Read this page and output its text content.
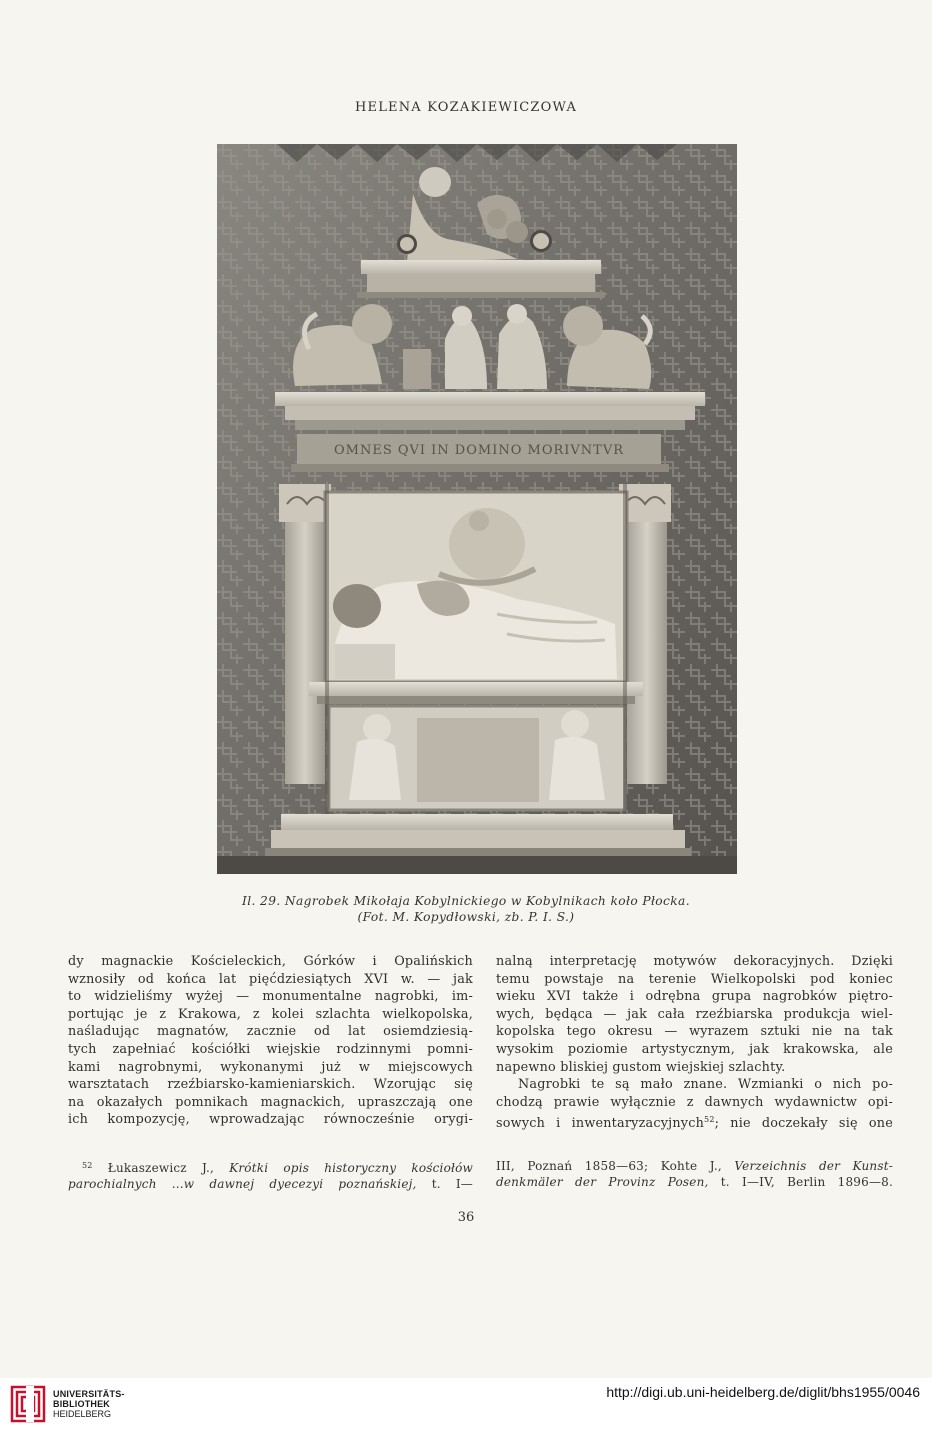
HELENA KOZAKIEWICZOWA
OMNES QVI IN DOMINO MORIVNTVR
Il. 29. Nagrobek Mikołaja Kobylnickiego w Kobylnikach koło Płocka.
(Fot. M. Kopydłowski, zb. P. I. S.)
dy magnackie Kościeleckich, Górków i Opalińskich
wznosiły od końca lat pięćdziesiątych XVI w. — jak
to widzieliśmy wyżej — monumentalne nagrobki, im-
portując je z Krakowa, z kolei szlachta wielkopolska,
naśladując magnatów, zacznie od lat osiemdziesią-
tych zapełniać kościółki wiejskie rodzinnymi pomni-
kami nagrobnymi, wykonanymi już w miejscowych
warsztatach rzeźbiarsko-kamieniarskich. Wzorując się
na okazałych pomnikach magnackich, upraszczają one
ich kompozycję, wprowadzając równocześnie orygi-
nalną interpretację motywów dekoracyjnych. Dzięki
temu powstaje na terenie Wielkopolski pod koniec
wieku XVI także i odrębna grupa nagrobków piętro-
wych, będąca — jak cała rzeźbiarska produkcja wiel-
kopolska tego okresu — wyrazem sztuki nie na tak
wysokim poziomie artystycznym, jak krakowska, ale
napewno bliskiej gustom wiejskiej szlachty.
Nagrobki te są mało znane. Wzmianki o nich po-
chodzą prawie wyłącznie z dawnych wydawnictw opi-
sowych i inwentaryzacyjnych$^{52}$; nie doczekały się one
$^{52}$ Łukaszewicz J., Krótki opis historyczny kościołów
parochialnych ...w dawnej dyecezyi poznańskiej, t. I—
III, Poznań 1858—63; Kohte J., Verzeichnis der Kunst-
denkmäler der Provinz Posen, t. I—IV, Berlin 1896—8.
36
UNIVERSITÄTS-
BIBLIOTHEK
HEIDELBERG
http://digi.ub.uni-heidelberg.de/diglit/bhs1955/0046
